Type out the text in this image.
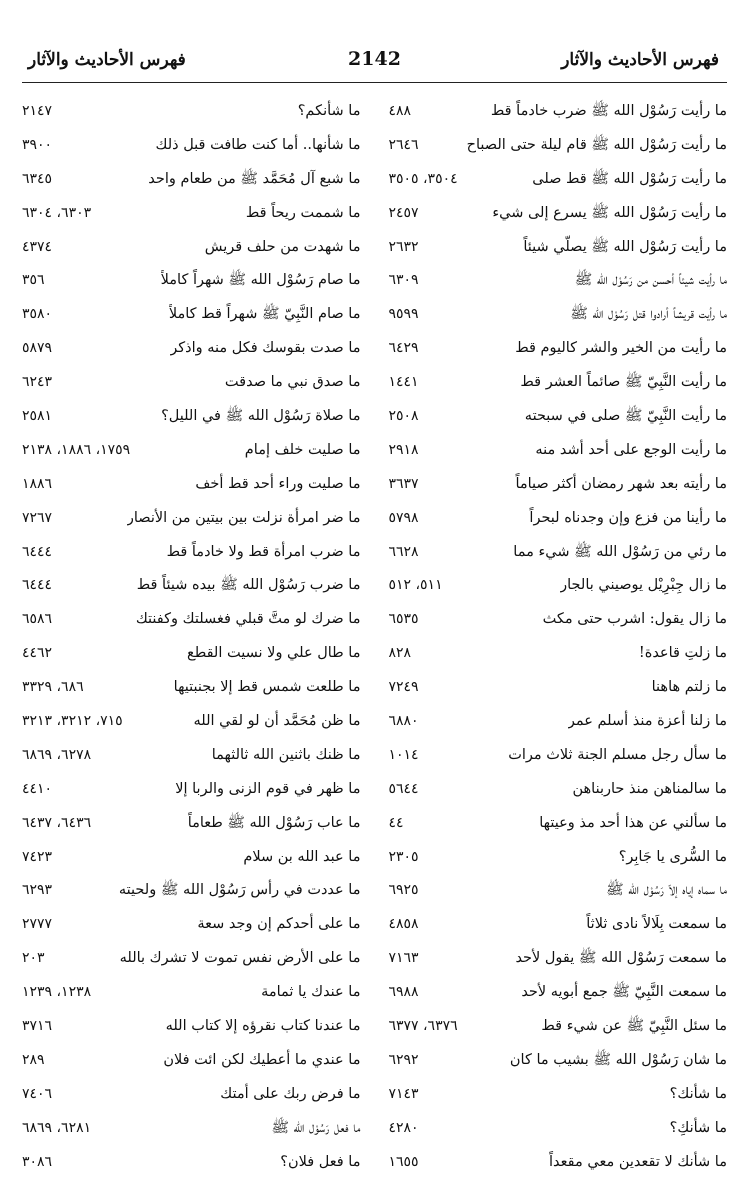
فهرس الأحاديث والآثار
2142
فهرس الأحاديث والآثار
ما رأيت رَسُوْل الله ﷺ ضرب خادماً قط
٤٨٨
ما رأيت رَسُوْل الله ﷺ قام ليلة حتى الصباح
٢٦٤٦
ما رأيت رَسُوْل الله ﷺ قط صلى
٣٥٠٤، ٣٥٠٥
ما رأيت رَسُوْل الله ﷺ يسرع إلى شيء
٢٤٥٧
ما رأيت رَسُوْل الله ﷺ يصلّي شيئاً
٢٦٣٢
ما رأيت شيئاً أحسن من رَسُوْل الله ﷺ
٦٣٠٩
ما رأيت قريشاً أرادوا قتل رَسُوْل الله ﷺ
٩٥٩٩
ما رأيت من الخير والشر كاليوم قط
٦٤٢٩
ما رأيت النَّبِيّ ﷺ صائماً العشر قط
١٤٤١
ما رأيت النَّبِيّ ﷺ صلى في سبحته
٢٥٠٨
ما رأيت الوجع على أحد أشد منه
٢٩١٨
ما رأيته بعد شهر رمضان أكثر صياماً
٣٦٣٧
ما رأينا من فزع وإن وجدناه لبحراً
٥٧٩٨
ما رئي من رَسُوْل الله ﷺ شيء مما
٦٦٢٨
ما زال جِبْرِيْل يوصيني بالجار
٥١١، ٥١٢
ما زال يقول: اشرب حتى مكث
٦٥٣٥
ما زلتِ قاعدة!
٨٢٨
ما زلتم هاهنا
٧٢٤٩
ما زلنا أعزة منذ أسلم عمر
٦٨٨٠
ما سأل رجل مسلم الجنة ثلاث مرات
١٠١٤
ما سالمناهن منذ حاربناهن
٥٦٤٤
ما سألني عن هذا أحد مذ وعيتها
٤٤
ما السُّرى يا جَابِر؟
٢٣٠٥
ما سماه إياه إلاّ رَسُوْل الله ﷺ
٦٩٢٥
ما سمعت بِلَالاً نادى ثلاثاً
٤٨٥٨
ما سمعت رَسُوْل الله ﷺ يقول لأحد
٧١٦٣
ما سمعت النَّبِيّ ﷺ جمع أبويه لأحد
٦٩٨٨
ما سئل النَّبِيّ ﷺ عن شيء قط
٦٣٧٦، ٦٣٧٧
ما شان رَسُوْل الله ﷺ بشيب ما كان
٦٢٩٢
ما شأنك؟
٧١٤٣
ما شأنكِ؟
٤٢٨٠
ما شأنك لا تقعدين معي مقعداً
١٦٥٥
ما شأنكم؟
٢١٤٧
ما شأنها.. أما كنت طافت قبل ذلك
٣٩٠٠
ما شبع آل مُحَمَّد ﷺ من طعام واحد
٦٣٤٥
ما شممت ريحاً قط
٦٣٠٣، ٦٣٠٤
ما شهدت من حلف قريش
٤٣٧٤
ما صام رَسُوْل الله ﷺ شهراً كاملاً
٣٥٦
ما صام النَّبِيّ ﷺ شهراً قط كاملاً
٣٥٨٠
ما صدت بقوسك فكل منه واذكر
٥٨٧٩
ما صدق نبي ما صدقت
٦٢٤٣
ما صلاة رَسُوْل الله ﷺ في الليل؟
٢٥٨١
ما صليت خلف إمام
١٧٥٩، ١٨٨٦، ٢١٣٨
ما صليت وراء أحد قط أخف
١٨٨٦
ما ضر امرأة نزلت بين بيتين من الأنصار
٧٢٦٧
ما ضرب امرأة قط ولا خادماً قط
٦٤٤٤
ما ضرب رَسُوْل الله ﷺ بيده شيئاً قط
٦٤٤٤
ما ضرك لو متَّ قبلي فغسلتك وكفنتك
٦٥٨٦
ما طال علي ولا نسيت القطع
٤٤٦٢
ما طلعت شمس قط إلا بجنبتيها
٦٨٦، ٣٣٢٩
ما ظن مُحَمَّد أن لو لقي الله
٧١٥، ٣٢١٢، ٣٢١٣
ما ظنك باثنين الله ثالثهما
٦٢٧٨، ٦٨٦٩
ما ظهر في قوم الزنى والربا إلا
٤٤١٠
ما عاب رَسُوْل الله ﷺ طعاماً
٦٤٣٦، ٦٤٣٧
ما عبد الله بن سلام
٧٤٢٣
ما عددت في رأس رَسُوْل الله ﷺ ولحيته
٦٢٩٣
ما على أحدكم إن وجد سعة
٢٧٧٧
ما على الأرض نفس تموت لا تشرك بالله
٢٠٣
ما عندك يا ثمامة
١٢٣٨، ١٢٣٩
ما عندنا كتاب نقرؤه إلا كتاب الله
٣٧١٦
ما عندي ما أعطيك لكن ائت فلان
٢٨٩
ما فرض ربك على أمتك
٧٤٠٦
ما فعل رَسُوْل الله ﷺ
٦٢٨١، ٦٨٦٩
ما فعل فلان؟
٣٠٨٦
